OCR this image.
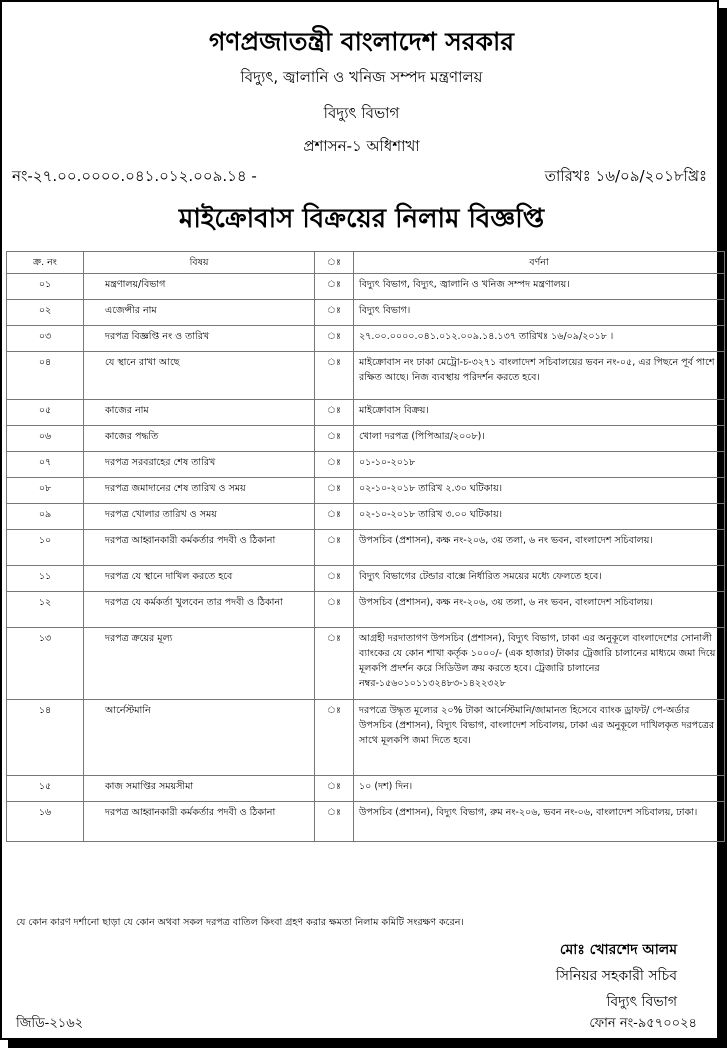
গণপ্রজাতন্ত্রী বাংলাদেশ সরকার
বিদ্যুৎ, জ্বালানি ও খনিজ সম্পদ মন্ত্রণালয়
বিদ্যুৎ বিভাগ
প্রশাসন-১ অধিশাখা
নং-২৭.০০.০০০০.০৪১.০১২.০০৯.১৪ -	তারিখঃ ১৬/০৯/২০১৮খ্রিঃ
মাইক্রোবাস বিক্রয়ের নিলাম বিজ্ঞপ্তি
ক্র. নং	বিষয়	ঃ	বর্ণনা
০১	মন্ত্রণালয়/বিভাগ	ঃ	বিদ্যুৎ বিভাগ, বিদ্যুৎ, জ্বালানি ও খনিজ সম্পদ মন্ত্রণালয়।
০২	এজেন্সীর নাম	ঃ	বিদ্যুৎ বিভাগ।
০৩	দরপত্র বিজ্ঞপ্তি নং ও তারিখ	ঃ	২৭.০০.০০০০.০৪১.০১২.০০৯.১৪.১৩৭ তারিখঃ ১৬/০৯/২০১৮ ।
০৪	যে স্থানে রাখা আছে	ঃ	মাইক্রোবাস নং ঢাকা মেট্রো-চ-৩২৭১ বাংলাদেশ সচিবালয়ের ভবন নং-০৫, এর পিছনে পূর্ব পাশে রক্ষিত আছে। নিজ ব্যবস্থায় পরিদর্শন করতে হবে।
০৫	কাজের নাম	ঃ	মাইক্রোবাস বিক্রয়।
০৬	কাজের পদ্ধতি	ঃ	খোলা দরপত্র (পিপিআর/২০০৮)।
০৭	দরপত্র সরবরাহের শেষ তারিখ	ঃ	০১-১০-২০১৮
০৮	দরপত্র জমাদানের শেষ তারিখ ও সময়	ঃ	০২-১০-২০১৮ তারিখ ২.৩০ ঘটিকায়।
০৯	দরপত্র খোলার তারিখ ও সময়	ঃ	০২-১০-২০১৮ তারিখ ৩.০০ ঘটিকায়।
১০	দরপত্র আহ্বানকারী কর্মকর্তার পদবী ও ঠিকানা	ঃ	উপসচিব (প্রশাসন), কক্ষ নং-২০৬, ৩য় তলা, ৬ নং ভবন, বাংলাদেশ সচিবালয়।
১১	দরপত্র যে স্থানে দাখিল করতে হবে	ঃ	বিদ্যুৎ বিভাগের টেন্ডার বাক্সে নির্ধারিত সময়ের মধ্যে ফেলতে হবে।
১২	দরপত্র যে কর্মকর্তা খুলবেন তার পদবী ও ঠিকানা	ঃ	উপসচিব (প্রশাসন), কক্ষ নং-২০৬, ৩য় তলা, ৬ নং ভবন, বাংলাদেশ সচিবালয়।
১৩	দরপত্র ক্রয়ের মূল্য	ঃ	আগ্রহী দরদাতাগণ উপসচিব (প্রশাসন), বিদ্যুৎ বিভাগ, ঢাকা এর অনুকূলে বাংলাদেশের সোনালী ব্যাংকের যে কোন শাখা কর্তৃক ১০০০/- (এক হাজার) টাকার ট্রেজারি চালানের মাধ্যমে জমা দিয়ে মূলকপি প্রদর্শন করে সিডিউল ক্রয় করতে হবে। ট্রেজারি চালানের নম্বর-১৫৬০১০১১৩২৪৮৩-১৪২২৩২৮
১৪	আর্নেস্টমানি	ঃ	দরপত্রে উদ্ধৃত মূল্যের ২০% টাকা আর্নেস্টমানি/জামানত হিসেবে ব্যাংক ড্রাফট/ পে-অর্ডার উপসচিব (প্রশাসন), বিদ্যুৎ বিভাগ, বাংলাদেশ সচিবালয়, ঢাকা এর অনুকূলে দাখিলকৃত দরপত্রের সাথে মূলকপি জমা দিতে হবে।
১৫	কাজ সমাপ্তির সময়সীমা	ঃ	১০ (দশ) দিন।
১৬	দরপত্র আহ্বানকারী কর্মকর্তার পদবী ও ঠিকানা	ঃ	উপসচিব (প্রশাসন), বিদ্যুৎ বিভাগ, রুম নং-২০৬, ভবন নং-০৬, বাংলাদেশ সচিবালয়, ঢাকা।
যে কোন কারণ দর্শানো ছাড়া যে কোন অথবা সকল দরপত্র বাতিল কিংবা গ্রহণ করার ক্ষমতা নিলাম কমিটি সংরক্ষণ করেন।
মোঃ খোরশেদ আলম
সিনিয়র সহকারী সচিব
বিদ্যুৎ বিভাগ
জিডি-২১৬২	ফোন নং-৯৫৭০০২৪
